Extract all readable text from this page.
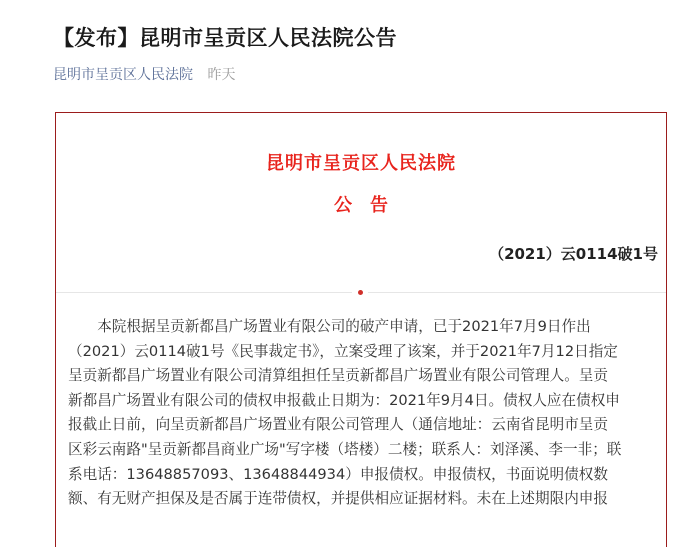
【发布】昆明市呈贡区人民法院公告
昆明市呈贡区人民法院 昨天
昆明市呈贡区人民法院
公　告
（2021）云0114破1号
　　本院根据呈贡新都昌广场置业有限公司的破产申请，已于2021年7月9日作出
（2021）云0114破1号《民事裁定书》，立案受理了该案，并于2021年7月12日指定
呈贡新都昌广场置业有限公司清算组担任呈贡新都昌广场置业有限公司管理人。呈贡
新都昌广场置业有限公司的债权申报截止日期为：2021年9月4日。债权人应在债权申
报截止日前，向呈贡新都昌广场置业有限公司管理人（通信地址：云南省昆明市呈贡
区彩云南路"呈贡新都昌商业广场"写字楼（塔楼）二楼；联系人：刘泽溪、李一非；联
系电话：13648857093、13648844934）申报债权。申报债权，书面说明债权数
额、有无财产担保及是否属于连带债权，并提供相应证据材料。未在上述期限内申报
